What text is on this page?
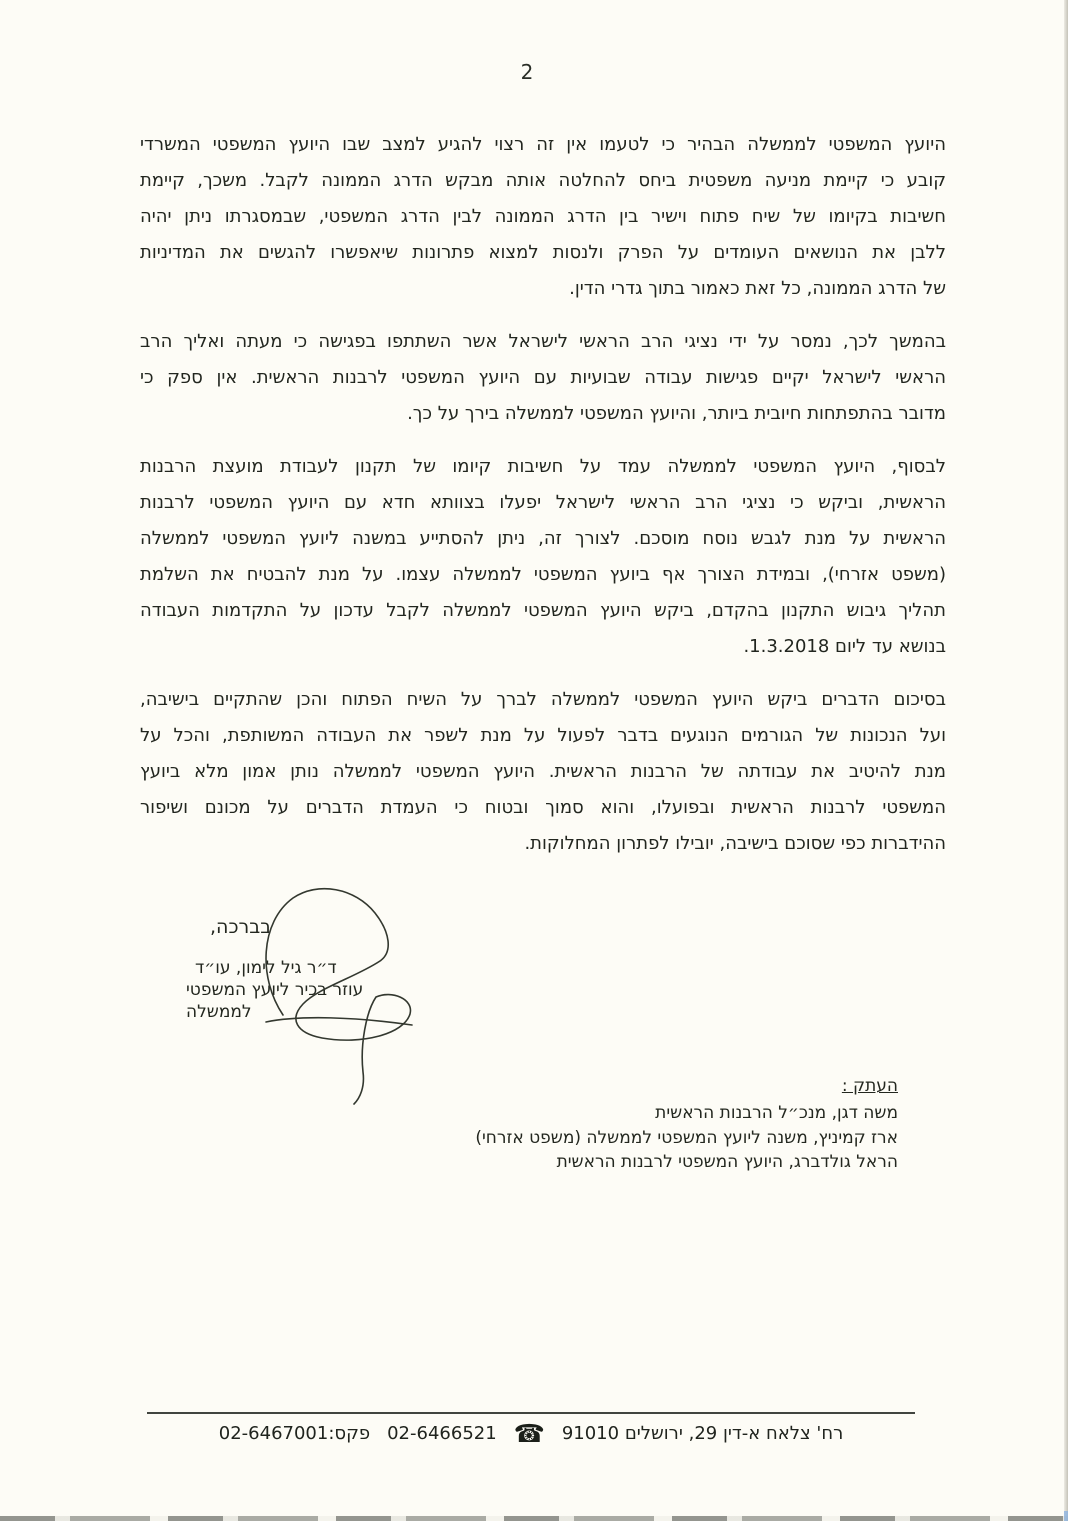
2
היועץ המשפטי לממשלה הבהיר כי לטעמו אין זה רצוי להגיע למצב שבו היועץ המשפטי המשרדי
קובע כי קיימת מניעה משפטית ביחס להחלטה אותה מבקש הדרג הממונה לקבל. משכך, קיימת
חשיבות בקיומו של שיח פתוח וישיר בין הדרג הממונה לבין הדרג המשפטי, שבמסגרתו ניתן יהיה
ללבן את הנושאים העומדים על הפרק ולנסות למצוא פתרונות שיאפשרו להגשים את המדיניות
של הדרג הממונה, כל זאת כאמור בתוך גדרי הדין.
בהמשך לכך, נמסר על ידי נציגי הרב הראשי לישראל אשר השתתפו בפגישה כי מעתה ואליך הרב
הראשי לישראל יקיים פגישות עבודה שבועיות עם היועץ המשפטי לרבנות הראשית. אין ספק כי
מדובר בהתפתחות חיובית ביותר, והיועץ המשפטי לממשלה בירך על כך.
לבסוף, היועץ המשפטי לממשלה עמד על חשיבות קיומו של תקנון לעבודת מועצת הרבנות
הראשית, וביקש כי נציגי הרב הראשי לישראל יפעלו בצוותא חדא עם היועץ המשפטי לרבנות
הראשית על מנת לגבש נוסח מוסכם. לצורך זה, ניתן להסתייע במשנה ליועץ המשפטי לממשלה
(משפט אזרחי), ובמידת הצורך אף ביועץ המשפטי לממשלה עצמו. על מנת להבטיח את השלמת
תהליך גיבוש התקנון בהקדם, ביקש היועץ המשפטי לממשלה לקבל עדכון על התקדמות העבודה
בנושא עד ליום 1.3.2018.
בסיכום הדברים ביקש היועץ המשפטי לממשלה לברך על השיח הפתוח והכן שהתקיים בישיבה,
ועל הנכונות של הגורמים הנוגעים בדבר לפעול על מנת לשפר את העבודה המשותפת, והכל על
מנת להיטיב את עבודתה של הרבנות הראשית. היועץ המשפטי לממשלה נותן אמון מלא ביועץ
המשפטי לרבנות הראשית ובפועלו, והוא סמוך ובטוח כי העמדת הדברים על מכונם ושיפור
ההידברות כפי שסוכם בישיבה, יובילו לפתרון המחלוקות.
בברכה,
ד״ר גיל לימון, עו״ד
עוזר בכיר ליועץ המשפטי לממשלה
העתק :
משה דגן, מנכ״ל הרבנות הראשית
ארז קמיניץ, משנה ליועץ המשפטי לממשלה (משפט אזרחי)
הראל גולדברג, היועץ המשפטי לרבנות הראשית
רח' צלאח א-דין 29, ירושלים 91010
☎
02-6466521
פקס:02-6467001
